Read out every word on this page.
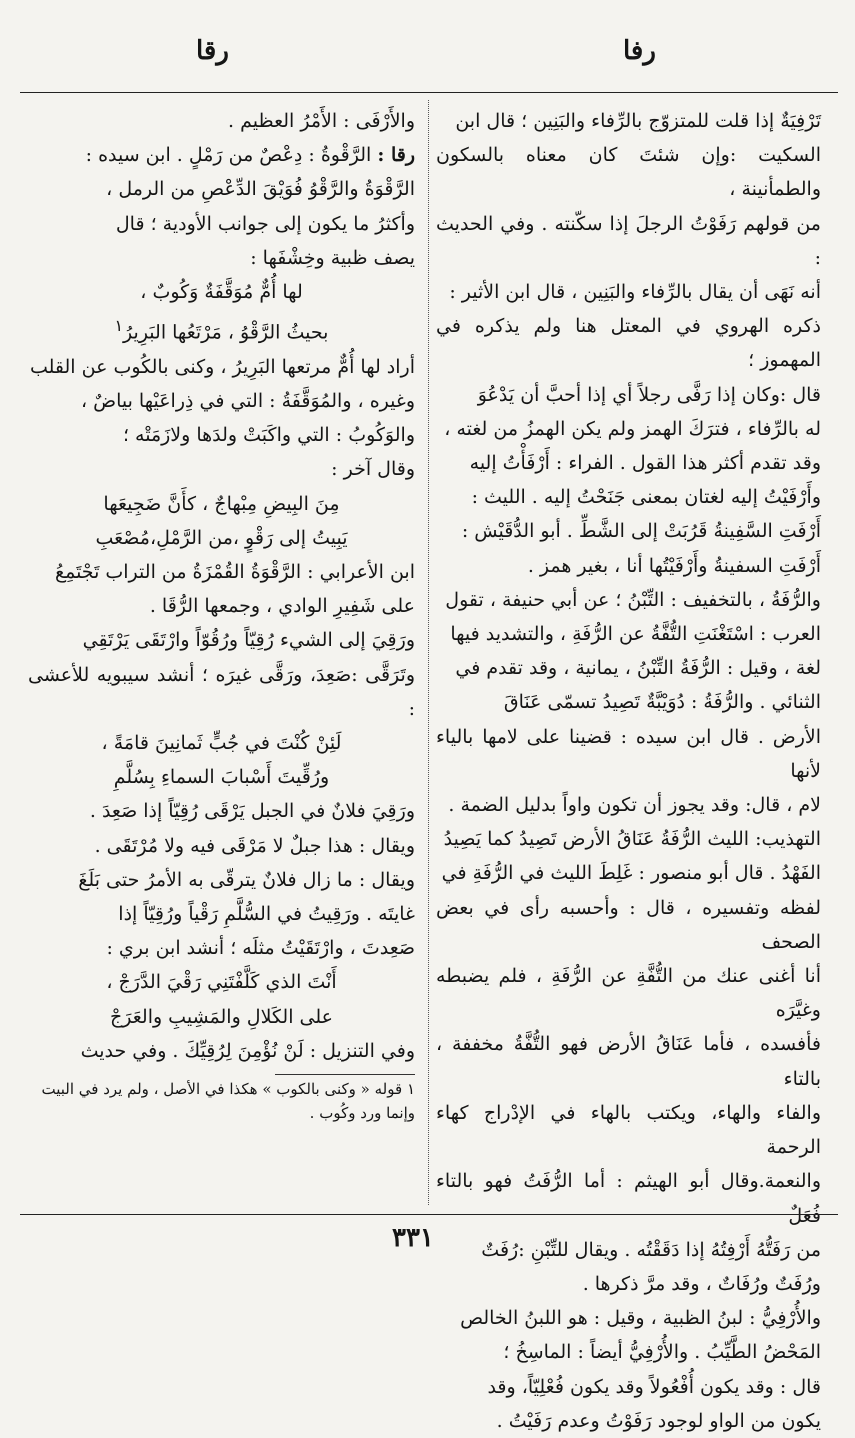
رفا
رقا

تَرْفِيَةٌ إذا قلت للمتزوّج بالرِّفاء والبَنِين ؛ قال ابن

السكيت :وإن شئتَ كان معناه بالسكون والطمأنينة ،

من قولهم رَفَوْتُ الرجلَ إذا سكّنته . وفي الحديث :

أنه نَهَى أن يقال بالرِّفاء والبَنِين ، قال ابن الأثير :

ذكره الهروي في المعتل هنا ولم يذكره في المهموز ؛

قال :وكان إذا رَفَّى رجلاً أي إذا أحبَّ أن يَدْعُوَ

له بالرِّفاء ، فترَكَ الهمز ولم يكن الهمزُ من لغته ،

وقد تقدم أكثر هذا القول . الفراء : أَرْفَأْتُ إليه

وأَرْفَيْتُ إليه لغتان بمعنى جَنَحْتُ إليه . الليث :

أَرْفَتِ السَّفِينةُ قَرُبَتْ إلى الشَّطِّ . أبو الدُّقَيْش :

أَرْفَتِ السفينةُ وأَرْفَيْتُها أنا ، بغير همز .

والرُّفَةُ ، بالتخفيف : التِّبْنُ ؛ عن أبي حنيفة ، تقول

العرب : اسْتَغْنَتِ التُّفَّةُ عن الرُّفَةِ ، والتشديد فيها

لغة ، وقيل : الرُّفَةُ التِّبْنُ ، يمانية ، وقد تقدم في

الثنائي . والرُّفَةُ : دُوَيْبَّةٌ تَصِيدُ تسمّى عَنَاقَ

الأرض . قال ابن سيده : قضينا على لامها بالياء لأنها

لام ، قال: وقد يجوز أن تكون واواً بدليل الضمة .

التهذيب: الليث الرُّفَةُ عَنَاقُ الأرض تَصِيدُ كما يَصِيدُ

الفَهْدُ . قال أبو منصور : غَلِطَ الليث في الرُّفَةِ في

لفظه وتفسيره ، قال : وأحسبه رأى في بعض الصحف

أنا أغنى عنك من التُّفَّةِ عن الرُّفَةِ ، فلم يضبطه وغيَّرَه

فأفسده ، فأما عَنَاقُ الأرض فهو التُّفَّةُ مخففة ، بالتاء

والفاء والهاء، ويكتب بالهاء في الإدْراج كهاء الرحمة

والنعمة.وقال أبو الهيثم : أما الرُّفَتُ فهو بالتاء فُعَلٌ

من رَفَتُّهُ أَرْفِتُهُ إذا دَقَقْتُه . ويقال للتِّبْنِ :رُفَتٌ

ورُفَتٌ ورُفَاتٌ ، وقد مرَّ ذكرها .

والأُرْفِيُّ : لبنُ الظبية ، وقيل : هو اللبنُ الخالص

المَحْضُ الطَّيِّبُ . والأُرْفِيُّ أيضاً : الماسِخُ ؛

قال : وقد يكون أُفْعُولاً وقد يكون فُعْلِيّاً، وقد

يكون من الواو لوجود رَفَوْتُ وعدم رَفَيْتُ .

والأَرْفَى : الأَمْرُ العظيم .

رقا : الرَّقْوةُ : دِعْصٌ من رَمْلٍ . ابن سيده :

الرَّقْوَةُ والرَّقْوُ فُوَيْقَ الدِّعْصِ من الرمل ،

وأكثرُ ما يكون إلى جوانب الأودية ؛ قال

يصف ظبية وخِشْفَها :

لها أُمٌّ مُوَقَّفَةٌ وَكُوبٌ ،

بحيثُ الرَّقْوُ ، مَرْتَعُها البَرِيرُ$^١$

أراد لها أُمٌّ مرتعها البَرِيرُ ، وكنى بالكُوب عن القلب

وغيره ، والمُوَقَّفَةُ : التي في ذِراعَيْها بياضٌ ،

والوَكُوبُ : التي واكَبَتْ ولدَها ولازَمَتْه ؛

وقال آخر :

مِنَ البِيضِ مِبْهاجٌ ، كأَنَّ ضَجِيعَها

يَبِيتُ إلى رَقْوٍ ،من الرَّمْلِ،مُصْعَبِ

ابن الأعرابي : الرَّقْوَةُ القُمْزَةُ من التراب تَجْتَمِعُ

على شَفِيرِ الوادي ، وجمعها الرُّقَا .

ورَقِيَ إلى الشيء رُقِيّاً ورُقُوّاً وارْتَقَى يَرْتَقِي

وتَرَقَّى :صَعِدَ، ورَقَّى غيرَه ؛ أنشد سيبويه للأعشى :

لَئِنْ كُنْتَ في جُبٍّ ثَمانِينَ قامَةً ،

ورُقِّيتَ أَسْبابَ السماءِ بِسُلَّمِ

ورَقِيَ فلانٌ في الجبل يَرْقَى رُقِيّاً إذا صَعِدَ .

ويقال : هذا جبلٌ لا مَرْقَى فيه ولا مُرْتَقَى .

ويقال : ما زال فلانٌ يترقّى به الأمرُ حتى بَلَغَ

غايتَه . ورَقِيتُ في السُّلَّمِ رَقْياً ورُقِيّاً إذا

صَعِدتَ ، وارْتَقَيْتُ مثلَه ؛ أنشد ابن بري :

أَنْتَ الذي كَلَّفْتَنِي رَقْيَ الدَّرَجْ ،

على الكَلالِ والمَشِيبِ والعَرَجْ

وفي التنزيل : لَنْ نُؤْمِنَ لِرُقِيِّكَ . وفي حديث

١ قوله « وكنى بالكوب » هكذا في الأصل ، ولم يرد في البيت

وإنما ورد وكُوب .

٣٣١
